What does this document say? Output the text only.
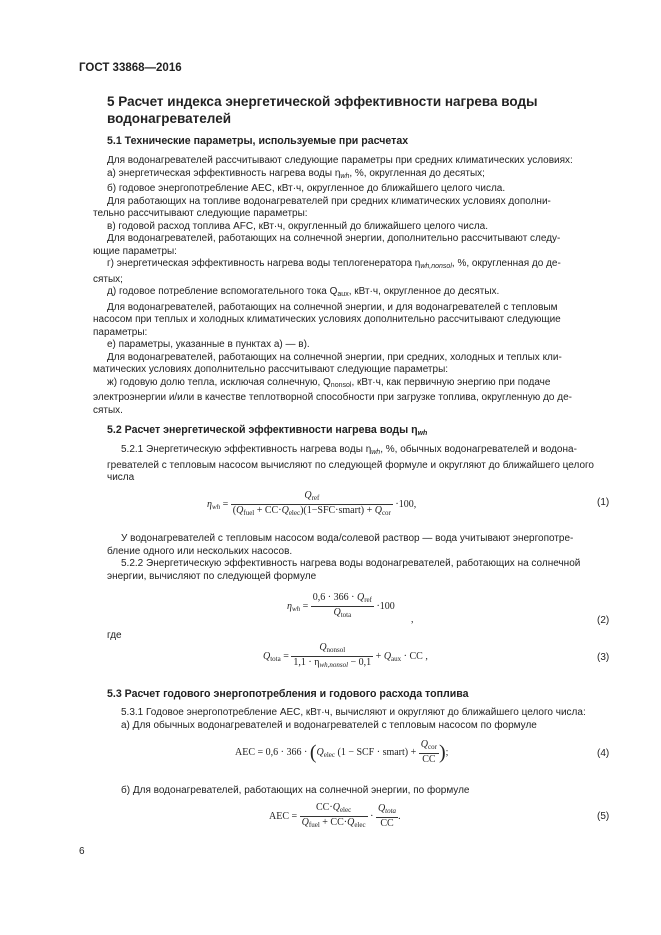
ГОСТ 33868—2016
5 Расчет индекса энергетической эффективности нагрева воды водонагревателей
5.1 Технические параметры, используемые при расчетах
Для водонагревателей рассчитывают следующие параметры при средних климатических условиях:
а) энергетическая эффективность нагрева воды $\eta_{wh}$, %, округленная до десятых;
б) годовое энергопотребление АЕС, кВт·ч, округленное до ближайшего целого числа.
Для работающих на топливе водонагревателей при средних климатических условиях дополни-
тельно рассчитывают следующие параметры:
в) годовой расход топлива AFC, кВт·ч, округленный до ближайшего целого числа.
Для водонагревателей, работающих на солнечной энергии, дополнительно рассчитывают следу-
ющие параметры:
г) энергетическая эффективность нагрева воды теплогенератора $\eta_{wh,nonsol}$, %, округленная до де-
сятых;
д) годовое потребление вспомогательного тока $Q_{aux}$, кВт·ч, округленное до десятых.
Для водонагревателей, работающих на солнечной энергии, и для водонагревателей с тепловым
насосом при теплых и холодных климатических условиях дополнительно рассчитывают следующие
параметры:
е) параметры, указанные в пунктах а) — в).
Для водонагревателей, работающих на солнечной энергии, при средних, холодных и теплых кли-
матических условиях дополнительно рассчитывают следующие параметры:
ж) годовую долю тепла, исключая солнечную, $Q_{nonsol}$, кВт·ч, как первичную энергию при подаче
электроэнергии и/или в качестве теплотворной способности при загрузке топлива, округленную до де-
сятых.
5.2 Расчет энергетической эффективности нагрева воды $\eta_{wh}$
5.2.1 Энергетическую эффективность нагрева воды $\eta_{wh}$, %, обычных водонагревателей и водона-
гревателей с тепловым насосом вычисляют по следующей формуле и округляют до ближайшего целого
числа
$\eta_{wh} = \frac{Q_{ref}}{(Q_{fuel} + CC\cdot Q_{elec})(1-SFC\cdot smart) + Q_{cor}} \cdot 100$,	(1)
У водонагревателей с тепловым насосом вода/солевой раствор — вода учитывают энергопотре-
бление одного или нескольких насосов.
5.2.2 Энергетическую эффективность нагрева воды водонагревателей, работающих на солнечной
энергии, вычисляют по следующей формуле
$\eta_{wh} = \frac{0,6 \cdot 366 \cdot Q_{ref}}{Q_{tota}} \cdot 100$
,	(2)
где
$Q_{tota} = \frac{Q_{nonsol}}{1,1 \cdot \eta_{wh,nonsol} - 0,1} + Q_{aux}$ · CC ,	(3)
5.3 Расчет годового энергопотребления и годового расхода топлива
5.3.1 Годовое энергопотребление АЕС, кВт·ч, вычисляют и округляют до ближайшего целого числа:
а) Для обычных водонагревателей и водонагревателей с тепловым насосом по формуле
AEC = $0,6 \cdot 366 \cdot (Q_{elec}$ (1 − SCF · smart) + $\frac{Q_{cor}}{CC}$ );	(4)
б) Для водонагревателей, работающих на солнечной энергии, по формуле
AEC = $\frac{CC\cdot Q_{elec}}{Q_{fuel} + CC\cdot Q_{elec}} \cdot \frac{Q_{tota}}{CC}$ .	(5)
6
